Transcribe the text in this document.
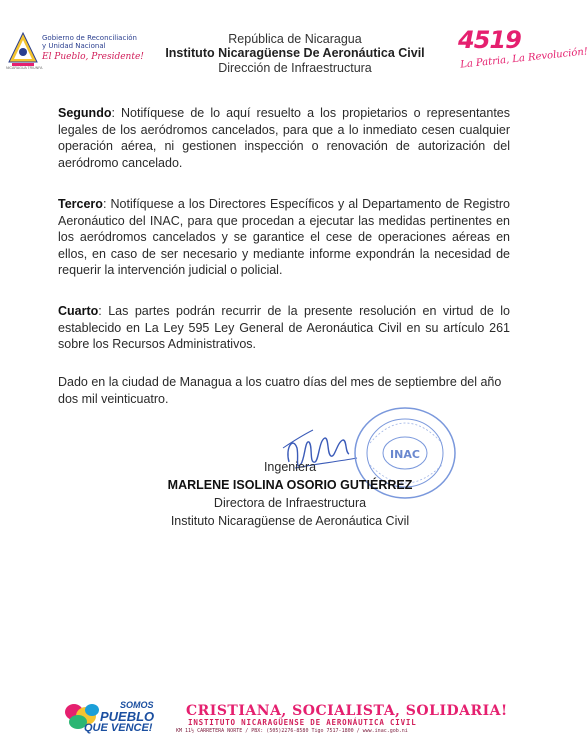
Gobierno de Reconciliación
y Unidad Nacional
El Pueblo, Presidente!
NICARAGUA TRIUNFA
República de Nicaragua
Instituto Nicaragüense De Aeronáutica Civil
Dirección de Infraestructura
4519
La Patria, La Revolución!
Segundo: Notifíquese de lo aquí resuelto a los propietarios o representantes legales de los aeródromos cancelados, para que a lo inmediato cesen cualquier operación aérea, ni gestionen inspección o renovación de autorización del aeródromo cancelado.
Tercero: Notifíquese a los Directores Específicos y al Departamento de Registro Aeronáutico del INAC, para que procedan a ejecutar las medidas pertinentes en los aeródromos cancelados y se garantice el cese de operaciones aéreas en ellos, en caso de ser necesario y mediante informe expondrán la necesidad de requerir la intervención judicial o policial.
Cuarto: Las partes podrán recurrir de la presente resolución en virtud de lo establecido en La Ley 595 Ley General de Aeronáutica Civil en su artículo 261 sobre los Recursos Administrativos.
Dado en la ciudad de Managua a los cuatro días del mes de septiembre del año dos mil veinticuatro.
INAC
Ingeniera
MARLENE ISOLINA OSORIO GUTIÉRREZ
Directora de Infraestructura
Instituto Nicaragüense de Aeronáutica Civil
SOMOS
PUEBLO
QUE VENCE!
CRISTIANA, SOCIALISTA, SOLIDARIA!
INSTITUTO NICARAGÜENSE DE AERONÁUTICA CIVIL
KM 11½ CARRETERA NORTE / PBX: (505)2276-8580 Tigo 7517-1800 / www.inac.gob.ni
